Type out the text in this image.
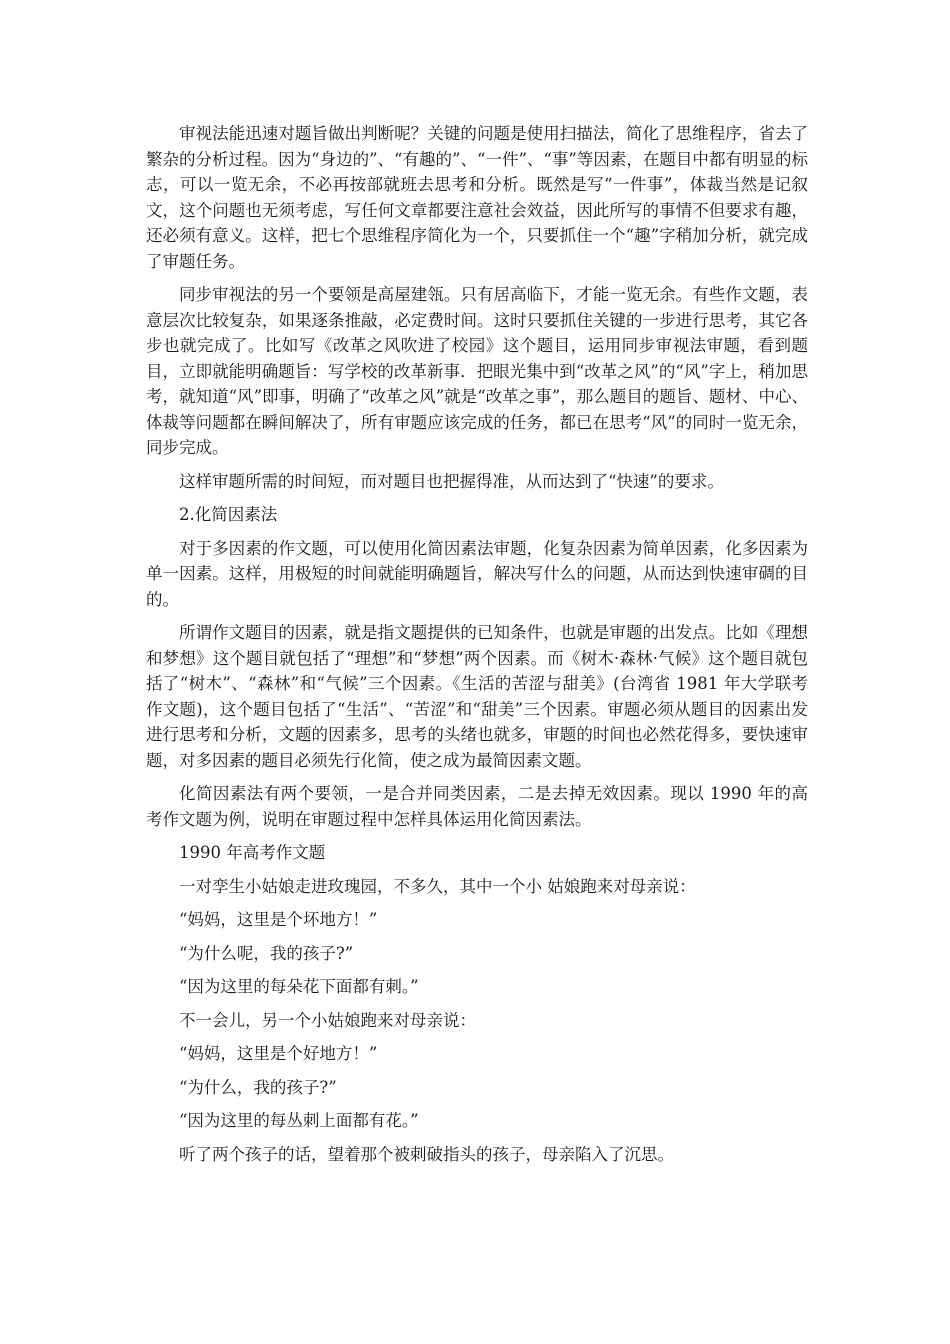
审视法能迅速对题旨做出判断呢？关键的问题是使用扫描法，简化了思维程序，省去了繁杂的分析过程。因为“身边的”、“有趣的”、“一件”、“事”等因素，在题目中都有明显的标志，可以一览无余，不必再按部就班去思考和分析。既然是写“一件事”，体裁当然是记叙文，这个问题也无须考虑，写任何文章都要注意社会效益，因此所写的事情不但要求有趣，还必须有意义。这样，把七个思维程序简化为一个，只要抓住一个“趣”字稍加分析，就完成了审题任务。

同步审视法的另一个要领是高屋建瓴。只有居高临下，才能一览无余。有些作文题，表意层次比较复杂，如果逐条推敲，必定费时间。这时只要抓住关键的一步进行思考，其它各步也就完成了。比如写《改革之风吹进了校园》这个题目，运用同步审视法审题，看到题目，立即就能明确题旨：写学校的改革新事．把眼光集中到“改革之风”的“风”字上，稍加思考，就知道“风”即事，明确了“改革之风”就是“改革之事”，那么题目的题旨、题材、中心、体裁等问题都在瞬间解决了，所有审题应该完成的任务，都已在思考“风”的同时一览无余，同步完成。

这样审题所需的时间短，而对题目也把握得准，从而达到了“快速”的要求。

2.化简因素法

对于多因素的作文题，可以使用化简因素法审题，化复杂因素为简单因素，化多因素为单一因素。这样，用极短的时间就能明确题旨，解决写什么的问题，从而达到快速审碉的目的。

所谓作文题目的因素，就是指文题提供的已知条件，也就是审题的出发点。比如《理想和梦想》这个题目就包括了“理想”和“梦想”两个因素。而《树木·森林·气候》这个题目就包括了“树木”、“森林”和“气候”三个因素。《生活的苦涩与甜美》(台湾省 1981 年大学联考作文题)，这个题目包括了“生活”、“苦涩”和“甜美”三个因素。审题必须从题目的因素出发进行思考和分析，文题的因素多，思考的头绪也就多，审题的时间也必然花得多，要快速审题，对多因素的题目必须先行化简，使之成为最简因素文题。

化简因素法有两个要领，一是合并同类因素，二是去掉无效因素。现以 1990 年的高考作文题为例，说明在审题过程中怎样具体运用化简因素法。

1990 年高考作文题

一对孪生小姑娘走进玫瑰园，不多久，其中一个小 姑娘跑来对母亲说：

“妈妈，这里是个坏地方！”

“为什么呢，我的孩子?”

“因为这里的每朵花下面都有刺。”

不一会儿，另一个小姑娘跑来对母亲说：

“妈妈，这里是个好地方！”

“为什么，我的孩子?”

“因为这里的每丛刺上面都有花。”

听了两个孩子的话，望着那个被刺破指头的孩子，母亲陷入了沉思。
